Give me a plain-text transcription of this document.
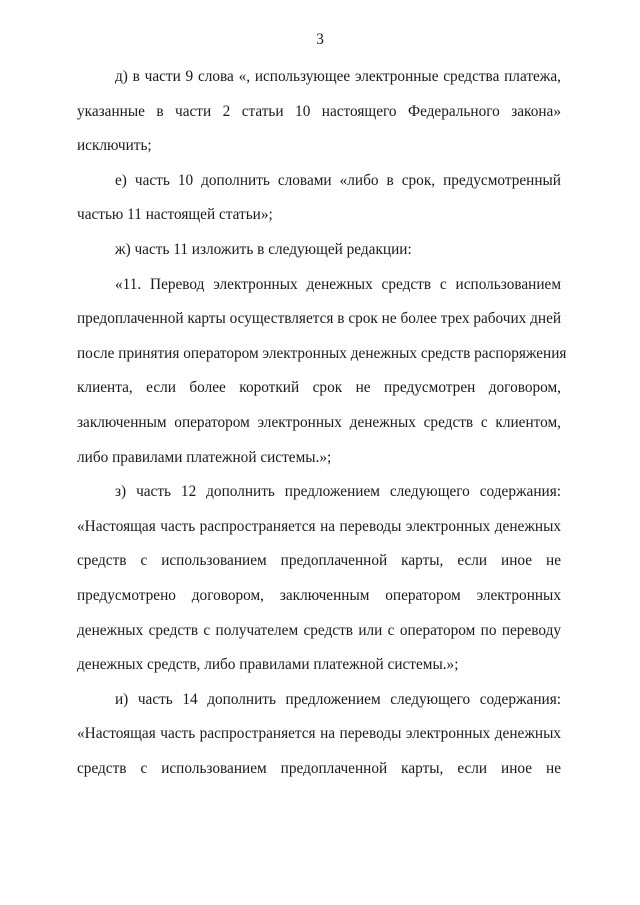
3
д) в части 9 слова «, использующее электронные средства платежа,
указанные в части 2 статьи 10 настоящего Федерального закона»
исключить;
е) часть 10 дополнить словами «либо в срок, предусмотренный
частью 11 настоящей статьи»;
ж) часть 11 изложить в следующей редакции:
«11. Перевод электронных денежных средств с использованием
предоплаченной карты осуществляется в срок не более трех рабочих дней
после принятия оператором электронных денежных средств распоряжения
клиента, если более короткий срок не предусмотрен договором,
заключенным оператором электронных денежных средств с клиентом,
либо правилами платежной системы.»;
з) часть 12 дополнить предложением следующего содержания:
«Настоящая часть распространяется на переводы электронных денежных
средств с использованием предоплаченной карты, если иное не
предусмотрено договором, заключенным оператором электронных
денежных средств с получателем средств или с оператором по переводу
денежных средств, либо правилами платежной системы.»;
и) часть 14 дополнить предложением следующего содержания:
«Настоящая часть распространяется на переводы электронных денежных
средств с использованием предоплаченной карты, если иное не
